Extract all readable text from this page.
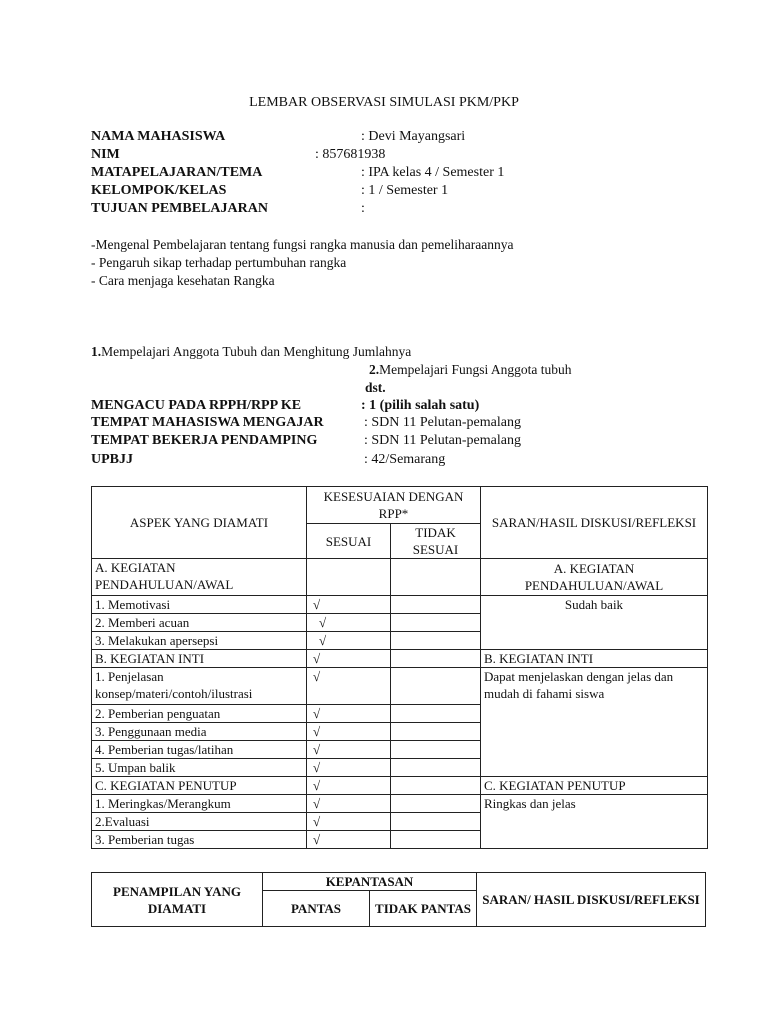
LEMBAR OBSERVASI SIMULASI PKM/PKP
NAMA MAHASISWA	: Devi Mayangsari
NIM	: 857681938
MATAPELAJARAN/TEMA	: IPA kelas 4 / Semester 1
KELOMPOK/KELAS	: 1 / Semester 1
TUJUAN PEMBELAJARAN	:
-Mengenal Pembelajaran tentang fungsi rangka manusia dan pemeliharaannya
- Pengaruh sikap terhadap pertumbuhan rangka
- Cara menjaga kesehatan Rangka
1.Mempelajari Anggota Tubuh dan Menghitung Jumlahnya
2.Mempelajari Fungsi Anggota tubuh
dst.
MENGACU PADA RPPH/RPP KE	: 1 (pilih salah satu)
TEMPAT MAHASISWA MENGAJAR	: SDN 11 Pelutan-pemalang
TEMPAT BEKERJA PENDAMPING	: SDN 11 Pelutan-pemalang
UPBJJ	: 42/Semarang
ASPEK YANG DIAMATI	KESESUAIAN DENGAN RPP*		SARAN/HASIL DISKUSI/REFLEKSI
	SESUAI	TIDAK SESUAI	
A. KEGIATAN PENDAHULUAN/AWAL			A. KEGIATAN PENDAHULUAN/AWAL
1. Memotivasi	√		Sudah baik
2. Memberi acuan	√		
3. Melakukan apersepsi	√		
B. KEGIATAN INTI	√		B. KEGIATAN INTI
1. Penjelasan konsep/materi/contoh/ilustrasi	√		Dapat menjelaskan dengan jelas dan mudah di fahami siswa
2. Pemberian penguatan	√		
3. Penggunaan media	√		
4. Pemberian tugas/latihan	√		
5. Umpan balik	√		
C. KEGIATAN PENUTUP	√		C. KEGIATAN PENUTUP
1. Meringkas/Merangkum	√		Ringkas dan jelas
2.Evaluasi	√		
3. Pemberian tugas	√		
PENAMPILAN YANG DIAMATI	KEPANTASAN		SARAN/ HASIL DISKUSI/REFLEKSI
	PANTAS	TIDAK PANTAS	
